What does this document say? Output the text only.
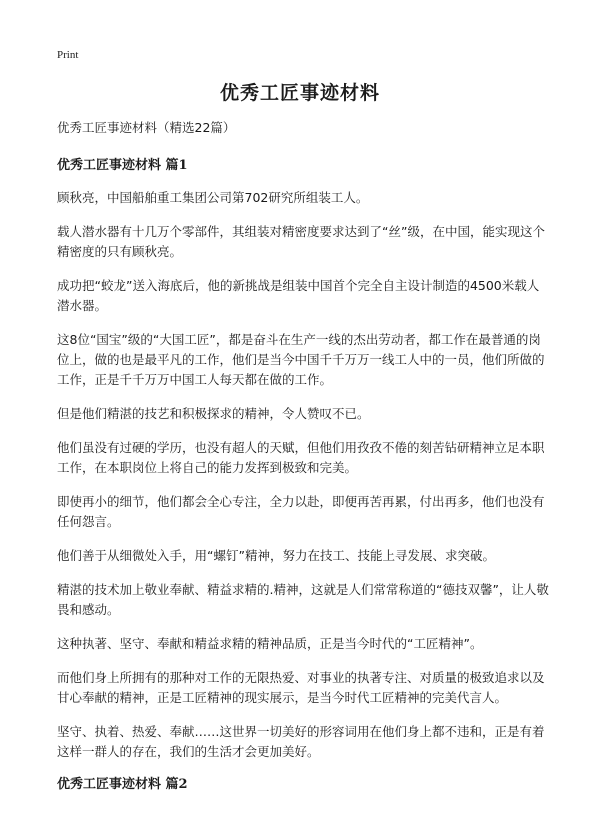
Print
优秀工匠事迹材料
优秀工匠事迹材料（精选22篇）
优秀工匠事迹材料 篇1

顾秋亮，中国船舶重工集团公司第702研究所组装工人。

载人潜水器有十几万个零部件，其组装对精密度要求达到了“丝”级，在中国，能实现这个精密度的只有顾秋亮。

成功把“蛟龙”送入海底后，他的新挑战是组装中国首个完全自主设计制造的4500米载人潜水器。

这8位“国宝”级的“大国工匠”，都是奋斗在生产一线的杰出劳动者，都工作在最普通的岗位上，做的也是最平凡的工作，他们是当今中国千千万万一线工人中的一员，他们所做的工作，正是千千万万中国工人每天都在做的工作。

但是他们精湛的技艺和积极探求的精神，令人赞叹不已。

他们虽没有过硬的学历，也没有超人的天赋，但他们用孜孜不倦的刻苦钻研精神立足本职工作，在本职岗位上将自己的能力发挥到极致和完美。

即使再小的细节，他们都会全心专注，全力以赴，即便再苦再累，付出再多，他们也没有任何怨言。

他们善于从细微处入手，用“螺钉”精神，努力在技工、技能上寻发展、求突破。

精湛的技术加上敬业奉献、精益求精的.精神，这就是人们常常称道的“德技双馨”，让人敬畏和感动。

这种执著、坚守、奉献和精益求精的精神品质，正是当今时代的“工匠精神”。

而他们身上所拥有的那种对工作的无限热爱、对事业的执著专注、对质量的极致追求以及甘心奉献的精神，正是工匠精神的现实展示，是当今时代工匠精神的完美代言人。

坚守、执着、热爱、奉献……这世界一切美好的形容词用在他们身上都不违和，正是有着这样一群人的存在，我们的生活才会更加美好。

优秀工匠事迹材料 篇2
